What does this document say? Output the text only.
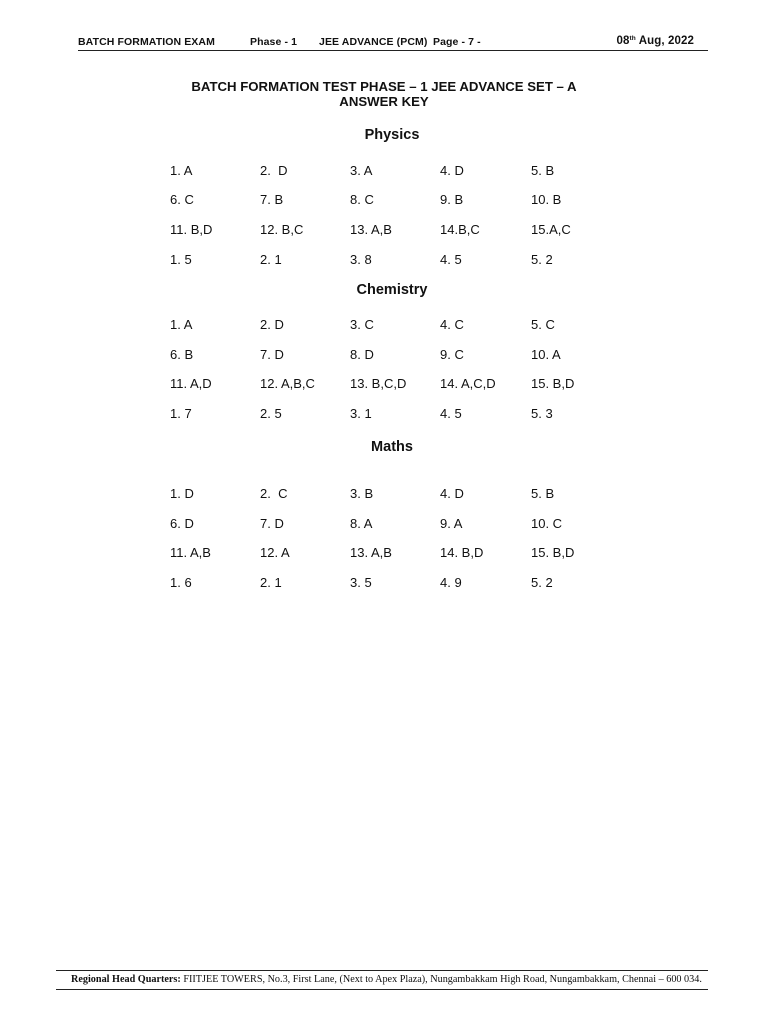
BATCH FORMATION EXAM	Phase - 1 JEE ADVANCE (PCM) Page - 7 -	08th Aug, 2022
BATCH FORMATION TEST PHASE – 1 JEE ADVANCE SET – A
ANSWER KEY
Physics
1. A	2.  D	3. A	4. D	5. B
6. C	7. B	8. C	9. B	10. B
11. B,D	12. B,C	13. A,B	14.B,C	15.A,C
1. 5	2. 1	3. 8	4. 5	5. 2
Chemistry
1. A	2. D	3. C	4. C	5. C
6. B	7. D	8. D	9. C	10. A
11. A,D	12. A,B,C	13. B,C,D	14. A,C,D	15. B,D
1. 7	2. 5	3. 1	4. 5	5. 3
Maths
1. D	2.  C	3. B	4. D	5. B
6. D	7. D	8. A	9. A	10. C
11. A,B	12. A	13. A,B	14. B,D	15. B,D
1. 6	2. 1	3. 5	4. 9	5. 2
Regional Head Quarters: FIITJEE TOWERS, No.3, First Lane, (Next to Apex Plaza), Nungambakkam High Road, Nungambakkam, Chennai – 600 034.
